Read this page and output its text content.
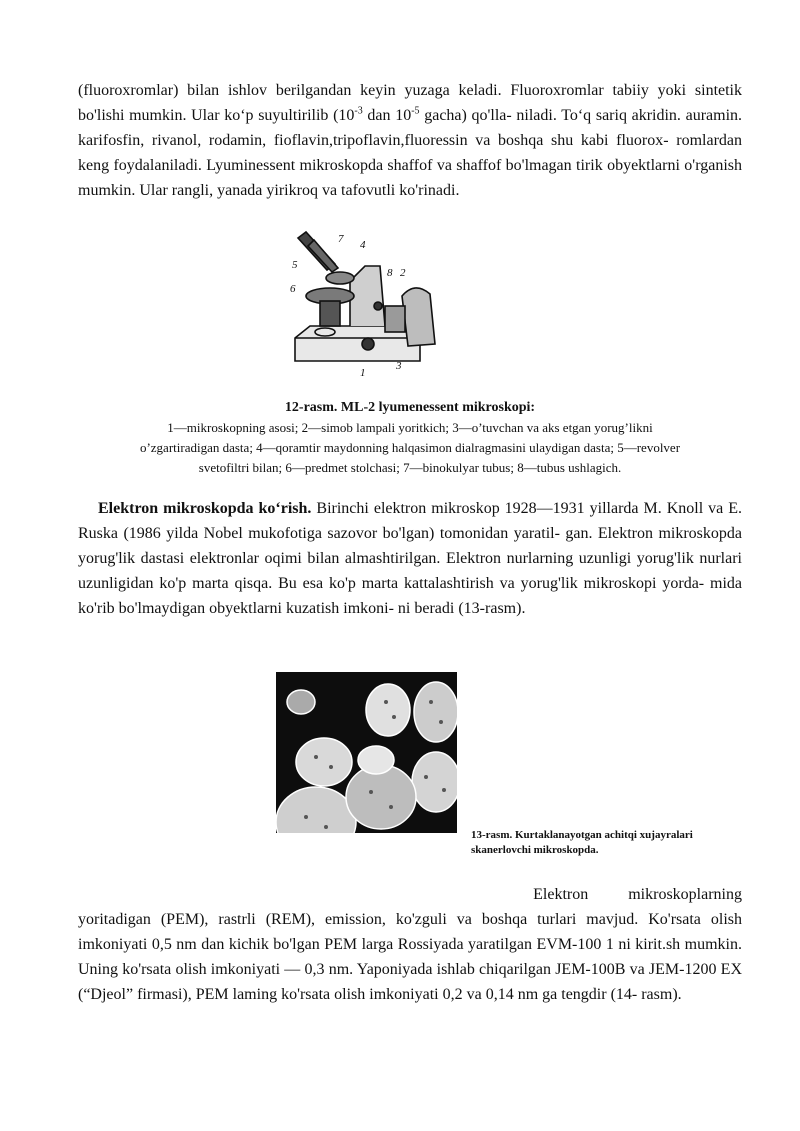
(fluoroxromlar) bilan ishlov berilgandan keyin yuzaga keladi. Fluoroxromlar tabiiy yoki sintetik bo'lishi mumkin. Ular koʻp suyultirilib ($10^{-3}$ dan $10^{-5}$ gacha) qo'lla- niladi. Toʻq sariq akridin. auramin. karifosfin, rivanol, rodamin, fioflavin,tripoflavin,fluoressin va boshqa shu kabi fluorox- romlardan keng foydalaniladi. Lyuminessent mikroskopda shaffof va shaffof bo'lmagan tirik obyektlarni o'rganish mumkin. Ular rangli, yanada yirikroq va tafovutli ko'rinadi.

1
2
3
4
5
6
7
8
12-rasm. ML-2 lyumenessent mikroskopi:
1—mikroskopning asosi; 2—simob lampali yoritkich; 3—o’tuvchan va aks etgan yorug’likni
o’zgartiradigan dasta; 4—qoramtir maydonning halqasimon dialragmasini ulaydigan dasta; 5—revolver
svetofiltri bilan; 6—predmet stolchasi; 7—binokulyar tubus; 8—tubus ushlagich.

Elektron mikroskopda koʻrish. Birinchi elektron mikroskop 1928—1931 yillarda M. Knoll va E. Ruska (1986 yilda Nobel mukofotiga sazovor bo'lgan) tomonidan yaratil- gan. Elektron mikroskopda yorug'lik dastasi elektronlar oqimi bilan almashtirilgan. Elektron nurlarning uzunligi yorug'lik nurlari uzunligidan ko'p marta qisqa. Bu esa ko'p marta kattalashtirish va yorug'lik mikroskopi yorda- mida ko'rib bo'lmaydigan obyektlarni kuzatish imkoni- ni beradi (13-rasm).

13-rasm. Kurtaklanayotgan achitqi xujayralari
skanerlovchi mikroskopda.

Elektron          mikroskoplarning
yoritadigan (PEM), rastrli (REM), emission, ko'zguli va boshqa turlari mavjud. Ko'rsata olish imkoniyati 0,5 nm dan kichik bo'lgan PEM larga Rossiyada yaratilgan EVM-100 1 ni kirit.sh mumkin. Uning ko'rsata olish imkoniyati — 0,3 nm. Yaponiyada ishlab chiqarilgan JEM-100B va JEM-1200 EX (“Djeol” firmasi), PEM laming ko'rsata olish imkoniyati 0,2 va 0,14 nm ga tengdir (14- rasm).
